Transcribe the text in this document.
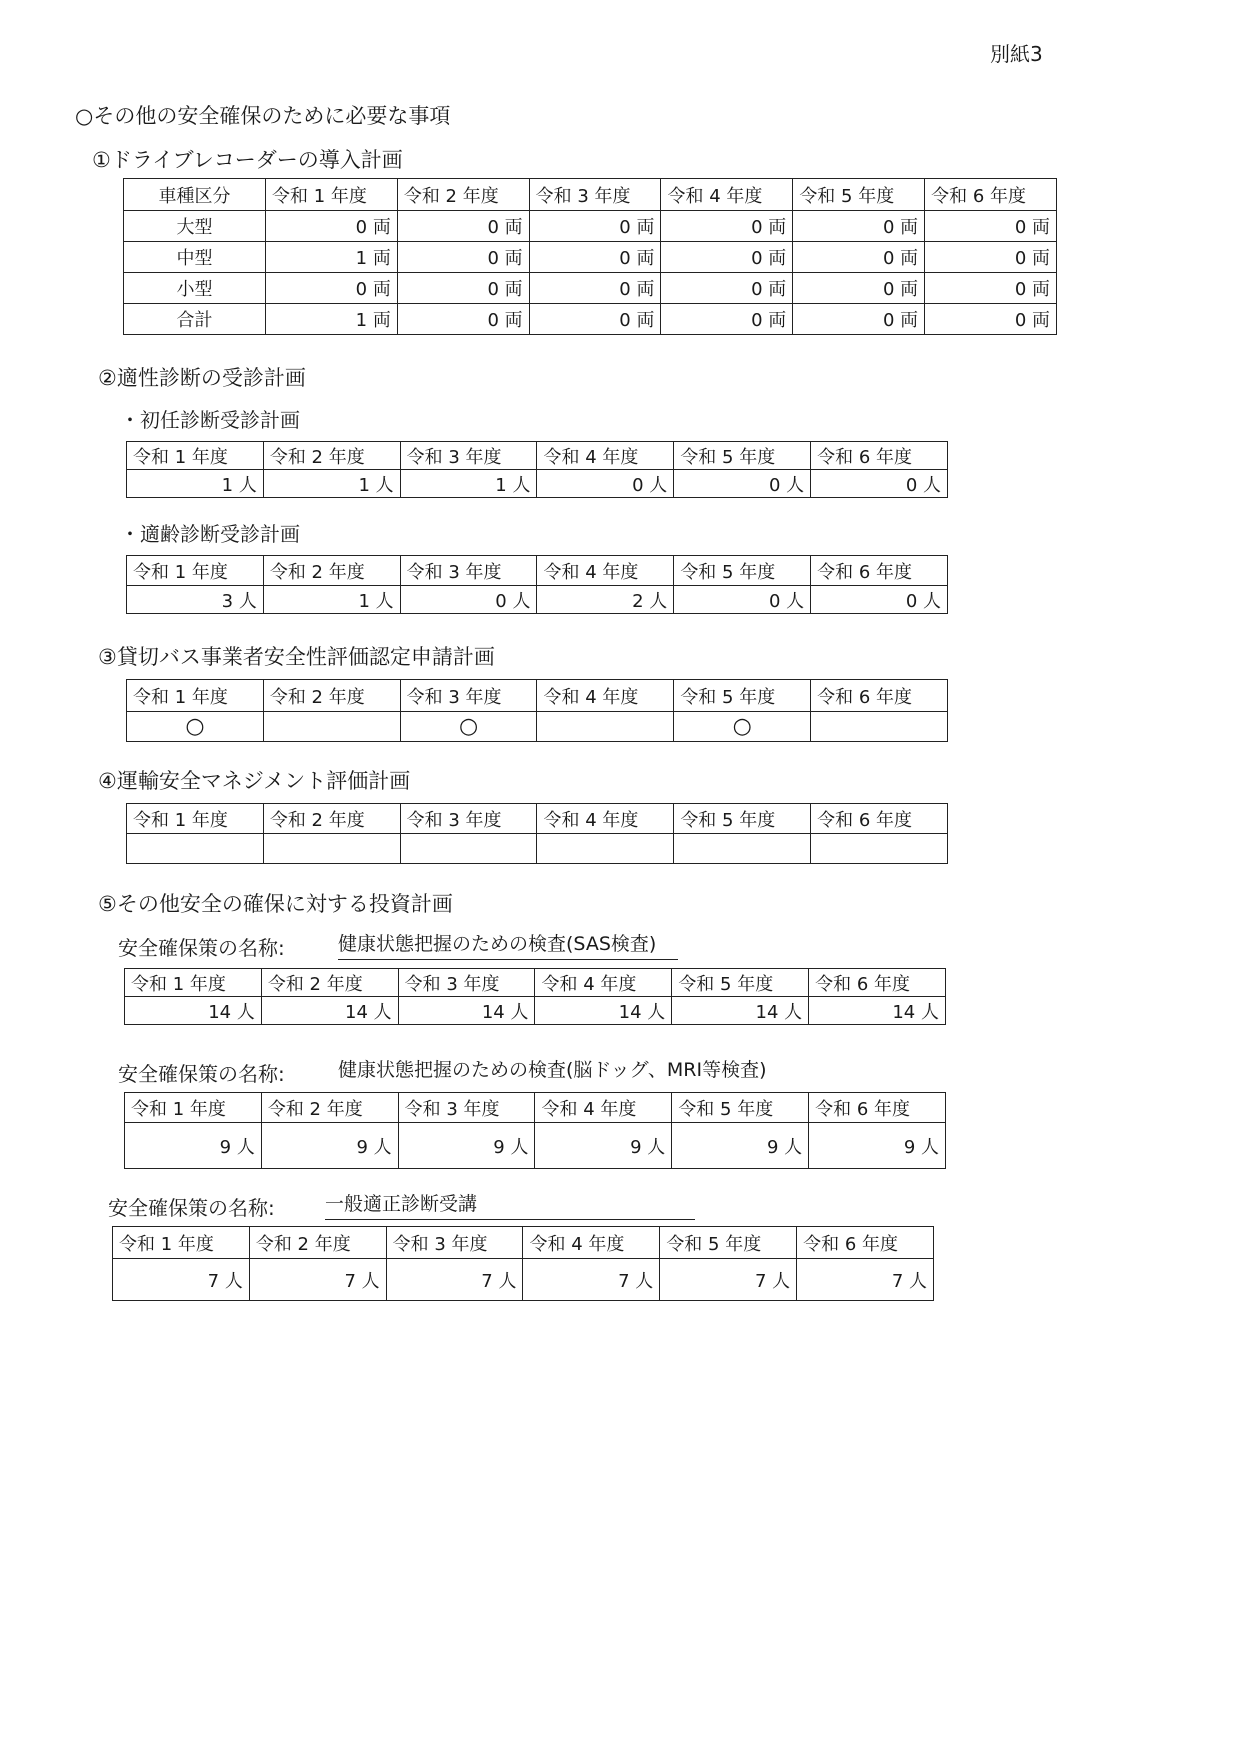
別紙3
○その他の安全確保のために必要な事項
①ドライブレコーダーの導入計画
車種区分	令和 1 年度	令和 2 年度	令和 3 年度	令和 4 年度	令和 5 年度	令和 6 年度
大型	0 両	0 両	0 両	0 両	0 両	0 両
中型	1 両	0 両	0 両	0 両	0 両	0 両
小型	0 両	0 両	0 両	0 両	0 両	0 両
合計	1 両	0 両	0 両	0 両	0 両	0 両
②適性診断の受診計画
・初任診断受診計画
令和 1 年度	令和 2 年度	令和 3 年度	令和 4 年度	令和 5 年度	令和 6 年度
1 人	1 人	1 人	0 人	0 人	0 人
・適齢診断受診計画
令和 1 年度	令和 2 年度	令和 3 年度	令和 4 年度	令和 5 年度	令和 6 年度
3 人	1 人	0 人	2 人	0 人	0 人
③貸切バス事業者安全性評価認定申請計画
令和 1 年度	令和 2 年度	令和 3 年度	令和 4 年度	令和 5 年度	令和 6 年度
○		○		○	
④運輸安全マネジメント評価計画
令和 1 年度	令和 2 年度	令和 3 年度	令和 4 年度	令和 5 年度	令和 6 年度

⑤その他安全の確保に対する投資計画
安全確保策の名称:	健康状態把握のための検査(SAS検査)
令和 1 年度	令和 2 年度	令和 3 年度	令和 4 年度	令和 5 年度	令和 6 年度
14 人	14 人	14 人	14 人	14 人	14 人
安全確保策の名称:	健康状態把握のための検査(脳ドッグ、MRI等検査)
令和 1 年度	令和 2 年度	令和 3 年度	令和 4 年度	令和 5 年度	令和 6 年度
9 人	9 人	9 人	9 人	9 人	9 人
安全確保策の名称:	一般適正診断受講
令和 1 年度	令和 2 年度	令和 3 年度	令和 4 年度	令和 5 年度	令和 6 年度
7 人	7 人	7 人	7 人	7 人	7 人
